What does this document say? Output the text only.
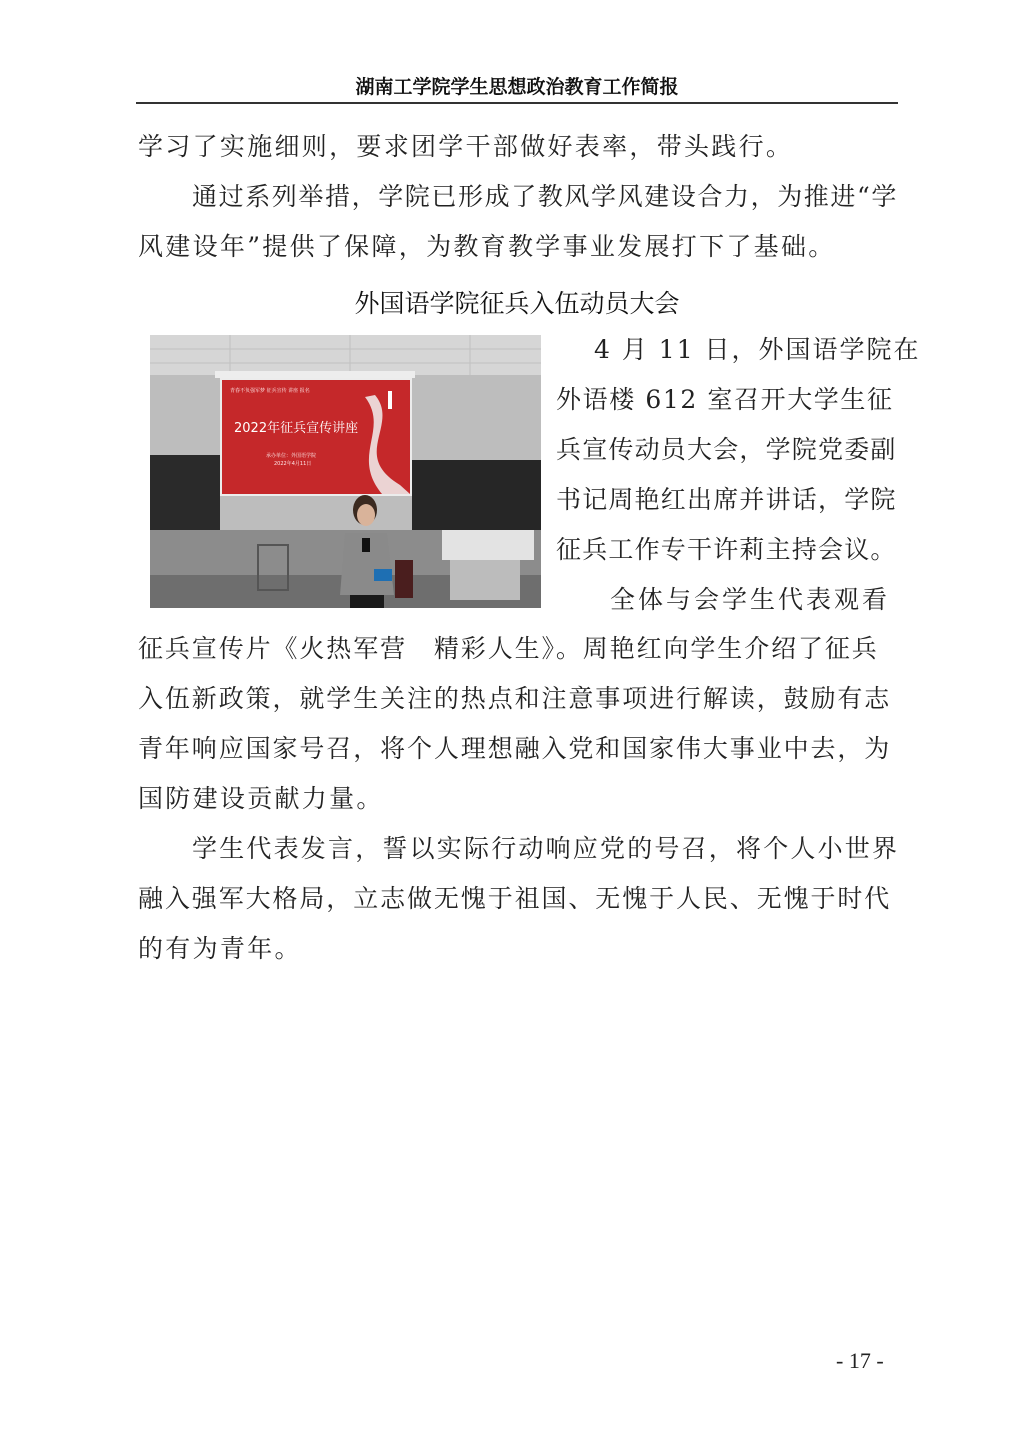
湖南工学院学生思想政治教育工作简报
学习了实施细则，要求团学干部做好表率，带头践行。
通过系列举措，学院已形成了教风学风建设合力，为推进“学
风建设年”提供了保障，为教育教学事业发展打下了基础。
外国语学院征兵入伍动员大会
青春不负强军梦 征兵宣传 讲座 报名
2022年征兵宣传讲座
承办单位：外国语学院
2022年4月11日
4 月 11 日，外国语学院在
外语楼 612 室召开大学生征
兵宣传动员大会，学院党委副
书记周艳红出席并讲话，学院
征兵工作专干许莉主持会议。
全体与会学生代表观看
征兵宣传片《火热军营　精彩人生》。周艳红向学生介绍了征兵
入伍新政策，就学生关注的热点和注意事项进行解读，鼓励有志
青年响应国家号召，将个人理想融入党和国家伟大事业中去，为
国防建设贡献力量。
学生代表发言，誓以实际行动响应党的号召，将个人小世界
融入强军大格局，立志做无愧于祖国、无愧于人民、无愧于时代
的有为青年。
- 17 -
